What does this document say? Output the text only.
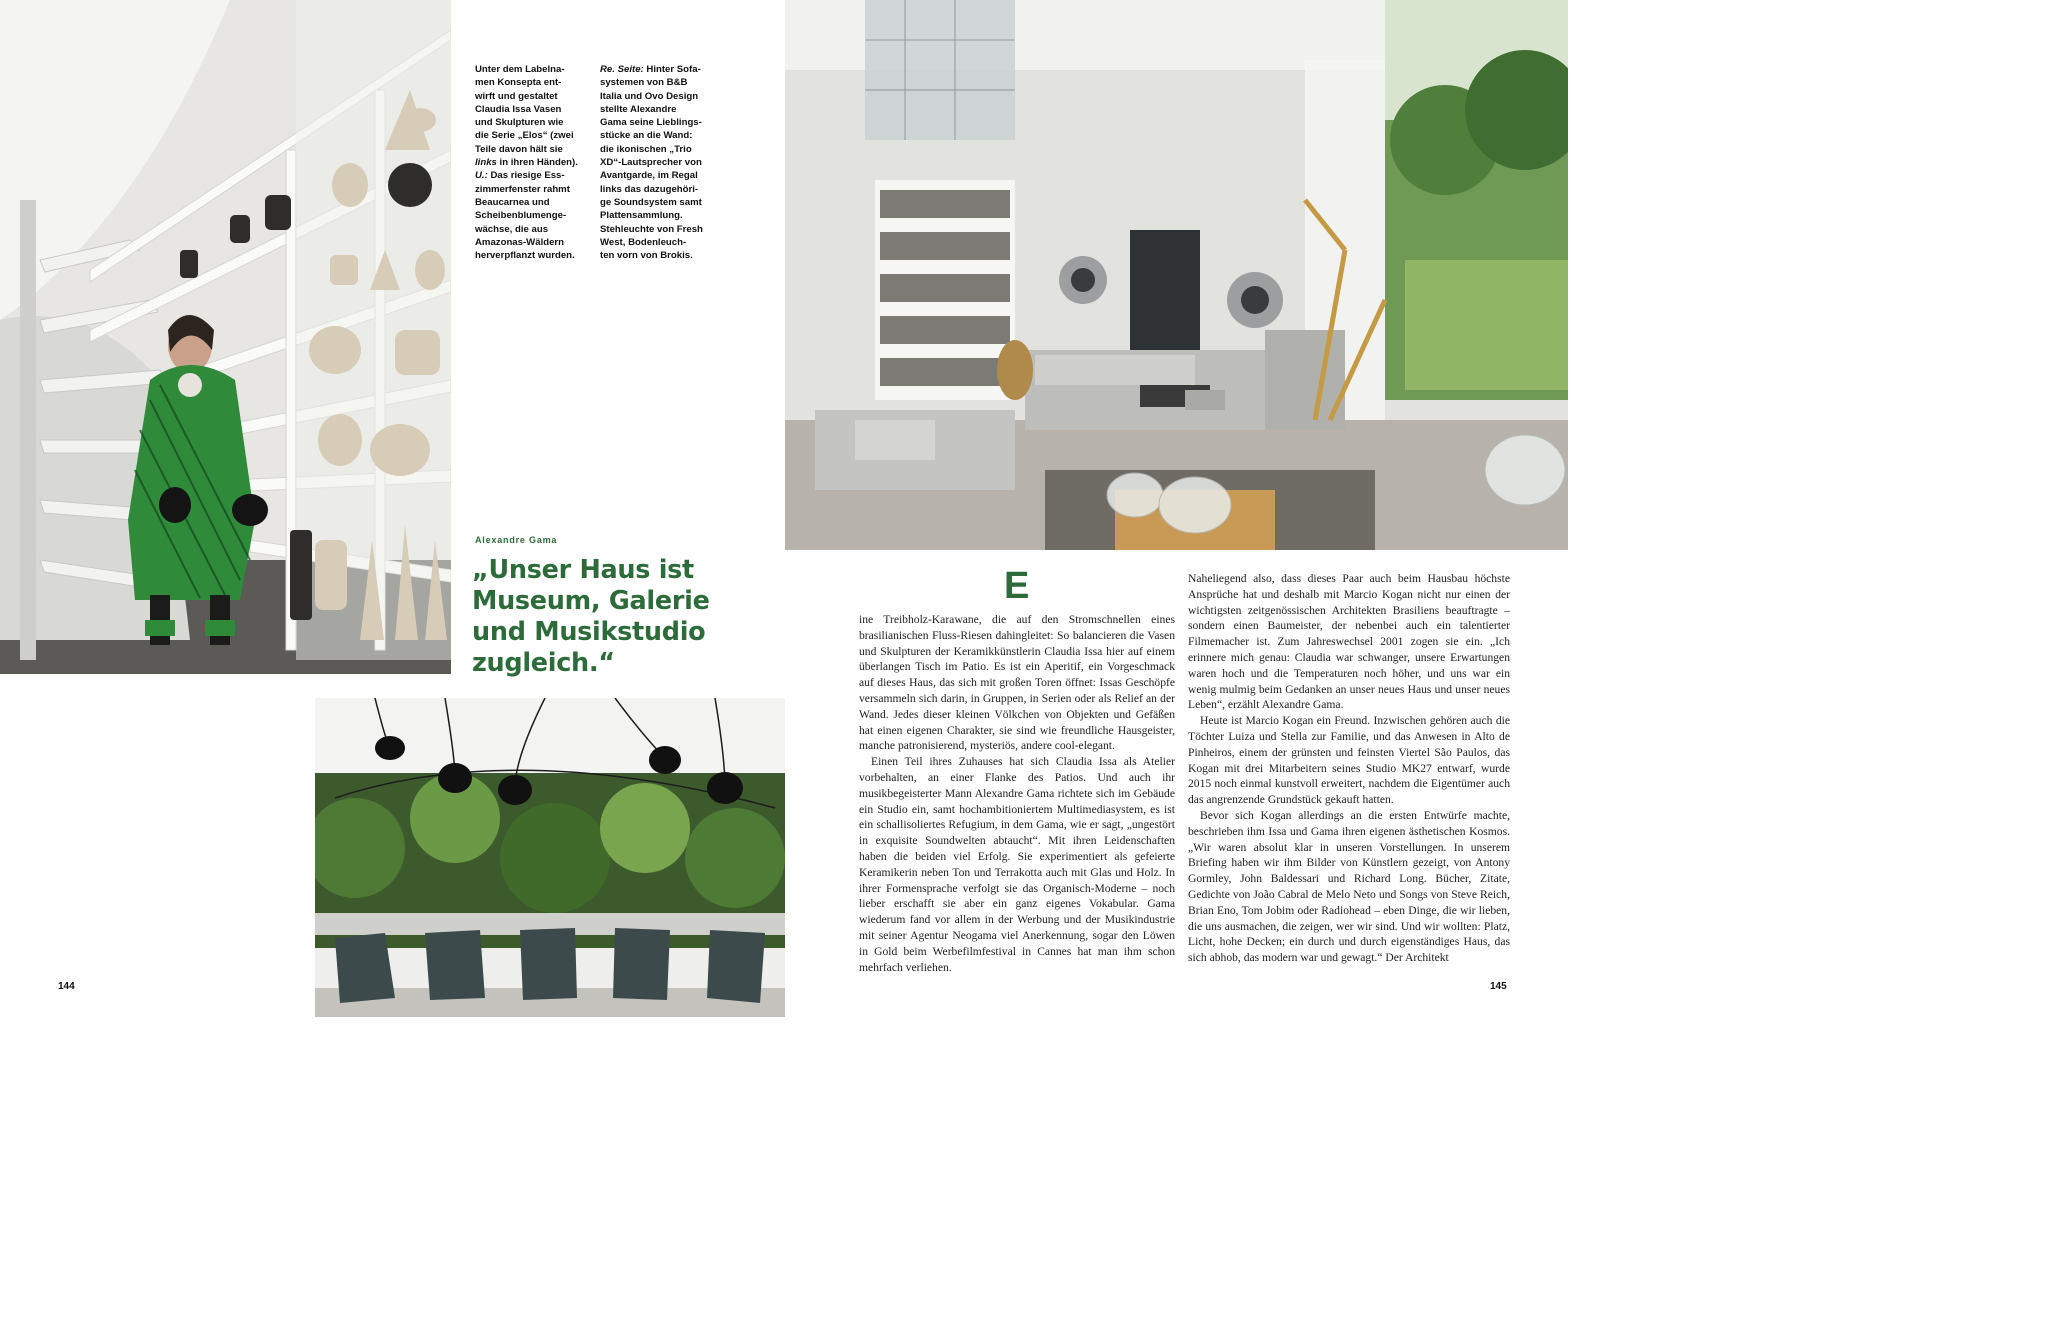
Unter dem Labelna-
men Konsepta ent-
wirft und gestaltet
Claudia Issa Vasen
und Skulpturen wie
die Serie „Elos“ (zwei
Teile davon hält sie
links in ihren Händen).
U.: Das riesige Ess-
zimmerfenster rahmt
Beaucarnea und
Scheibenblumenge-
wächse, die aus
Amazonas-Wäldern
herverpflanzt wurden.

Re. Seite: Hinter Sofa-
systemen von B&B
Italia und Ovo Design
stellte Alexandre
Gama seine Lieblings-
stücke an die Wand:
die ikonischen „Trio
XD“-Lautsprecher von
Avantgarde, im Regal
links das dazugehöri-
ge Soundsystem samt
Plattensammlung.
Stehleuchte von Fresh
West, Bodenleuch-
ten vorn von Brokis.

Alexandre Gama
„Unser Haus ist
Museum, Galerie
und Musikstudio
zugleich.“
E

ine Treibholz-Karawane, die auf den Stromschnellen eines brasilianischen Fluss-Riesen dahingleitet: So balancieren die Vasen und Skulpturen der Keramikkünstlerin Claudia Issa hier auf einem überlangen Tisch im Patio. Es ist ein Aperitif, ein Vorgeschmack auf dieses Haus, das sich mit großen Toren öffnet: Issas Geschöpfe versammeln sich darin, in Gruppen, in Serien oder als Relief an der Wand. Jedes dieser kleinen Völkchen von Objekten und Gefäßen hat einen eigenen Charakter, sie sind wie freundliche Hausgeister, manche patronisierend, mysteriös, andere cool-elegant.

Einen Teil ihres Zuhauses hat sich Claudia Issa als Atelier vorbehalten, an einer Flanke des Patios. Und auch ihr musikbegeisterter Mann Alexandre Gama richtete sich im Gebäude ein Studio ein, samt hochambitioniertem Multimediasystem, es ist ein schallisoliertes Refugium, in dem Gama, wie er sagt, „ungestört in exquisite Soundwelten abtaucht“. Mit ihren Leidenschaften haben die beiden viel Erfolg. Sie experimentiert als gefeierte Keramikerin neben Ton und Terrakotta auch mit Glas und Holz. In ihrer Formensprache verfolgt sie das Organisch-Moderne – noch lieber erschafft sie aber ein ganz eigenes Vokabular. Gama wiederum fand vor allem in der Werbung und der Musikindustrie mit seiner Agentur Neogama viel Anerkennung, sogar den Löwen in Gold beim Werbefilmfestival in Cannes hat man ihm schon mehrfach verliehen.

Naheliegend also, dass dieses Paar auch beim Hausbau höchste Ansprüche hat und deshalb mit Marcio Kogan nicht nur einen der wichtigsten zeitgenössischen Architekten Brasiliens beauftragte – sondern einen Baumeister, der nebenbei auch ein talentierter Filmemacher ist. Zum Jahreswechsel 2001 zogen sie ein. „Ich erinnere mich genau: Claudia war schwanger, unsere Erwartungen waren hoch und die Temperaturen noch höher, und uns war ein wenig mulmig beim Gedanken an unser neues Haus und unser neues Leben“, erzählt Alexandre Gama.

Heute ist Marcio Kogan ein Freund. Inzwischen gehören auch die Töchter Luiza und Stella zur Familie, und das Anwesen in Alto de Pinheiros, einem der grünsten und feinsten Viertel São Paulos, das Kogan mit drei Mitarbeitern seines Studio MK27 entwarf, wurde 2015 noch einmal kunstvoll erweitert, nachdem die Eigentümer auch das angrenzende Grundstück gekauft hatten.

Bevor sich Kogan allerdings an die ersten Entwürfe machte, beschrieben ihm Issa und Gama ihren eigenen ästhetischen Kosmos. „Wir waren absolut klar in unseren Vorstellungen. In unserem Briefing haben wir ihm Bilder von Künstlern gezeigt, von Antony Gormley, John Baldessari und Richard Long. Bücher, Zitate, Gedichte von João Cabral de Melo Neto und Songs von Steve Reich, Brian Eno, Tom Jobim oder Radiohead – eben Dinge, die wir lieben, die uns ausmachen, die zeigen, wer wir sind. Und wir wollten: Platz, Licht, hohe Decken; ein durch und durch eigenständiges Haus, das sich abhob, das modern war und gewagt.“ Der Architekt

144	145
